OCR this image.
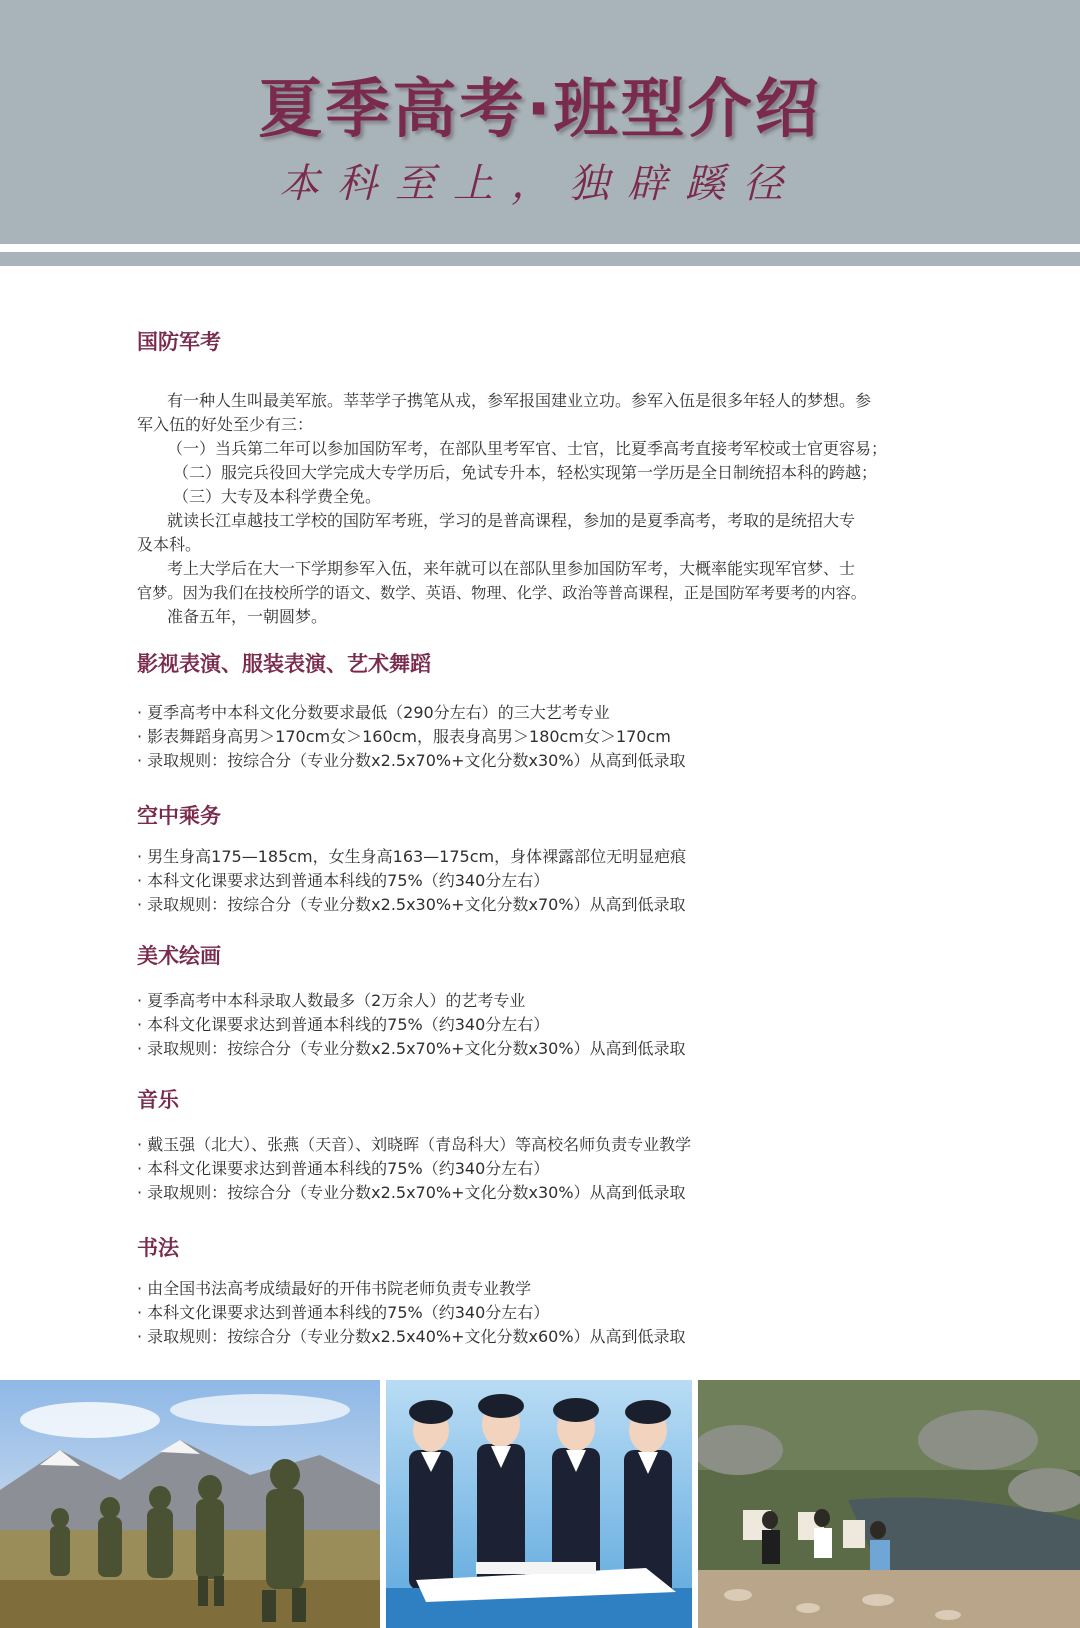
夏季高考·班型介绍
本科至上，独辟蹊径
国防军考
有一种人生叫最美军旅。莘莘学子携笔从戎，参军报国建业立功。参军入伍是很多年轻人的梦想。参
军入伍的好处至少有三：
（一）当兵第二年可以参加国防军考，在部队里考军官、士官，比夏季高考直接考军校或士官更容易；
（二）服完兵役回大学完成大专学历后，免试专升本，轻松实现第一学历是全日制统招本科的跨越；
（三）大专及本科学费全免。
就读长江卓越技工学校的国防军考班，学习的是普高课程，参加的是夏季高考，考取的是统招大专
及本科。
考上大学后在大一下学期参军入伍，来年就可以在部队里参加国防军考，大概率能实现军官梦、士
官梦。因为我们在技校所学的语文、数学、英语、物理、化学、政治等普高课程，正是国防军考要考的内容。
准备五年，一朝圆梦。
影视表演、服装表演、艺术舞蹈
· 夏季高考中本科文化分数要求最低（290分左右）的三大艺考专业
· 影表舞蹈身高男＞170cm女＞160cm，服表身高男＞180cm女＞170cm
· 录取规则：按综合分（专业分数x2.5x70%+文化分数x30%）从高到低录取
空中乘务
· 男生身高175—185cm，女生身高163—175cm，身体裸露部位无明显疤痕
· 本科文化课要求达到普通本科线的75%（约340分左右）
· 录取规则：按综合分（专业分数x2.5x30%+文化分数x70%）从高到低录取
美术绘画
· 夏季高考中本科录取人数最多（2万余人）的艺考专业
· 本科文化课要求达到普通本科线的75%（约340分左右）
· 录取规则：按综合分（专业分数x2.5x70%+文化分数x30%）从高到低录取
音乐
· 戴玉强（北大）、张燕（天音）、刘晓晖（青岛科大）等高校名师负责专业教学
· 本科文化课要求达到普通本科线的75%（约340分左右）
· 录取规则：按综合分（专业分数x2.5x70%+文化分数x30%）从高到低录取
书法
· 由全国书法高考成绩最好的开伟书院老师负责专业教学
· 本科文化课要求达到普通本科线的75%（约340分左右）
· 录取规则：按综合分（专业分数x2.5x40%+文化分数x60%）从高到低录取
